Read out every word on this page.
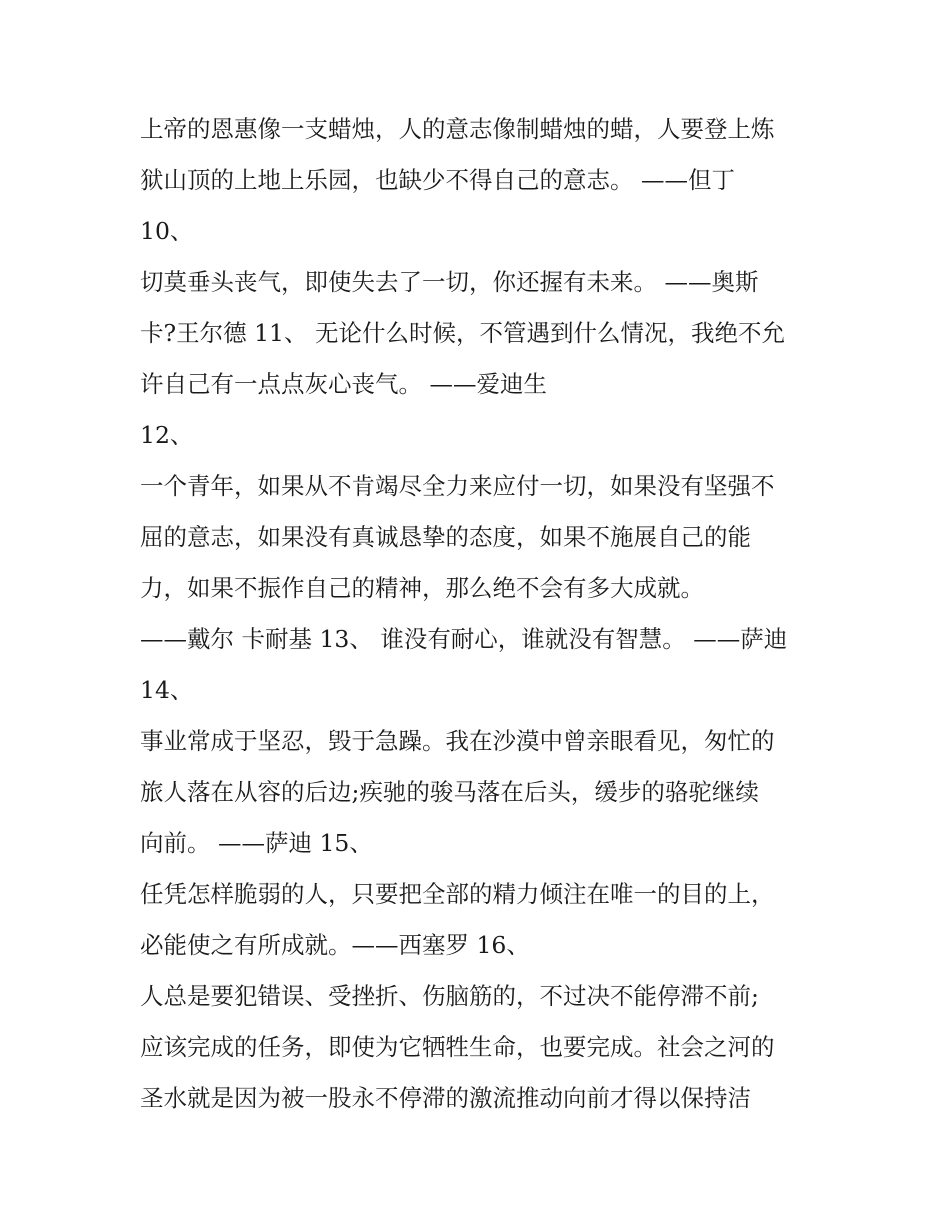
上帝的恩惠像一支蜡烛，人的意志像制蜡烛的蜡，人要登上炼
狱山顶的上地上乐园，也缺少不得自己的意志。 ——但丁
10、
切莫垂头丧气，即使失去了一切，你还握有未来。 ——奥斯
卡?王尔德 11、 无论什么时候，不管遇到什么情况，我绝不允
许自己有一点点灰心丧气。 ——爱迪生
12、
一个青年，如果从不肯竭尽全力来应付一切，如果没有坚强不
屈的意志，如果没有真诚恳挚的态度，如果不施展自己的能
力，如果不振作自己的精神，那么绝不会有多大成就。
——戴尔 卡耐基 13、 谁没有耐心，谁就没有智慧。 ——萨迪
14、
事业常成于坚忍，毁于急躁。我在沙漠中曾亲眼看见，匆忙的
旅人落在从容的后边;疾驰的骏马落在后头，缓步的骆驼继续
向前。 ——萨迪 15、
任凭怎样脆弱的人，只要把全部的精力倾注在唯一的目的上，
必能使之有所成就。——西塞罗 16、
人总是要犯错误、受挫折、伤脑筋的，不过决不能停滞不前;
应该完成的任务，即使为它牺牲生命，也要完成。社会之河的
圣水就是因为被一股永不停滞的激流推动向前才得以保持洁
